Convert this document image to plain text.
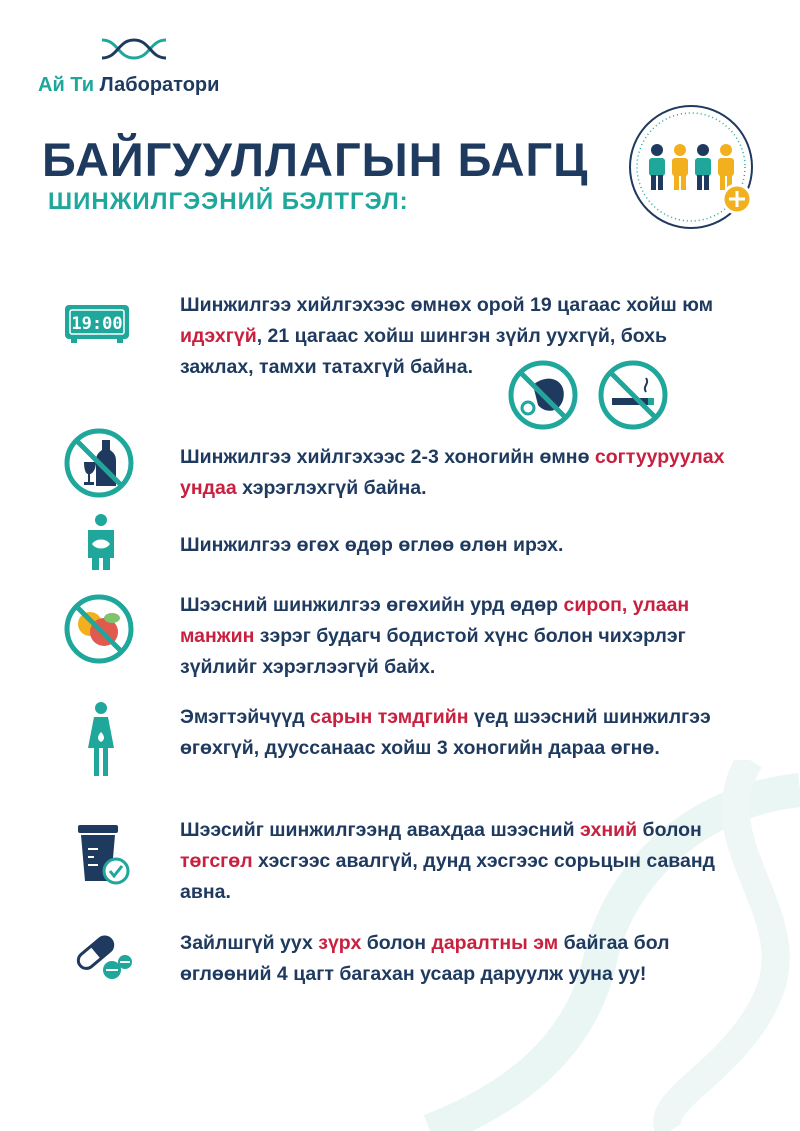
Ай Ти Лаборатори
БАЙГУУЛЛАГЫН БАГЦ
ШИНЖИЛГЭЭНИЙ БЭЛТГЭЛ:
19:00

Шинжилгээ хийлгэхээс өмнөх орой 19 цагаас хойш юм идэхгүй, 21 цагаас хойш шингэн зүйл уухгүй, бохь зажлах, тамхи татахгүй байна.

Шинжилгээ хийлгэхээс 2-3 хоногийн өмнө согтууруулах ундаа хэрэглэхгүй байна.

Шинжилгээ өгөх өдөр өглөө өлөн ирэх.

Шээсний шинжилгээ өгөхийн урд өдөр сироп, улаан манжин зэрэг будагч бодистой хүнс болон чихэрлэг зүйлийг хэрэглээгүй байх.

Эмэгтэйчүүд сарын тэмдгийн үед шээсний шинжилгээ өгөхгүй, дууссанаас хойш 3 хоногийн дараа өгнө.

Шээсийг шинжилгээнд авахдаа шээсний эхний болон төгсгөл хэсгээс авалгүй, дунд хэсгээс сорьцын саванд авна.

Зайлшгүй уух зүрх болон даралтны эм байгаа бол өглөөний 4 цагт багахан усаар даруулж ууна уу!
